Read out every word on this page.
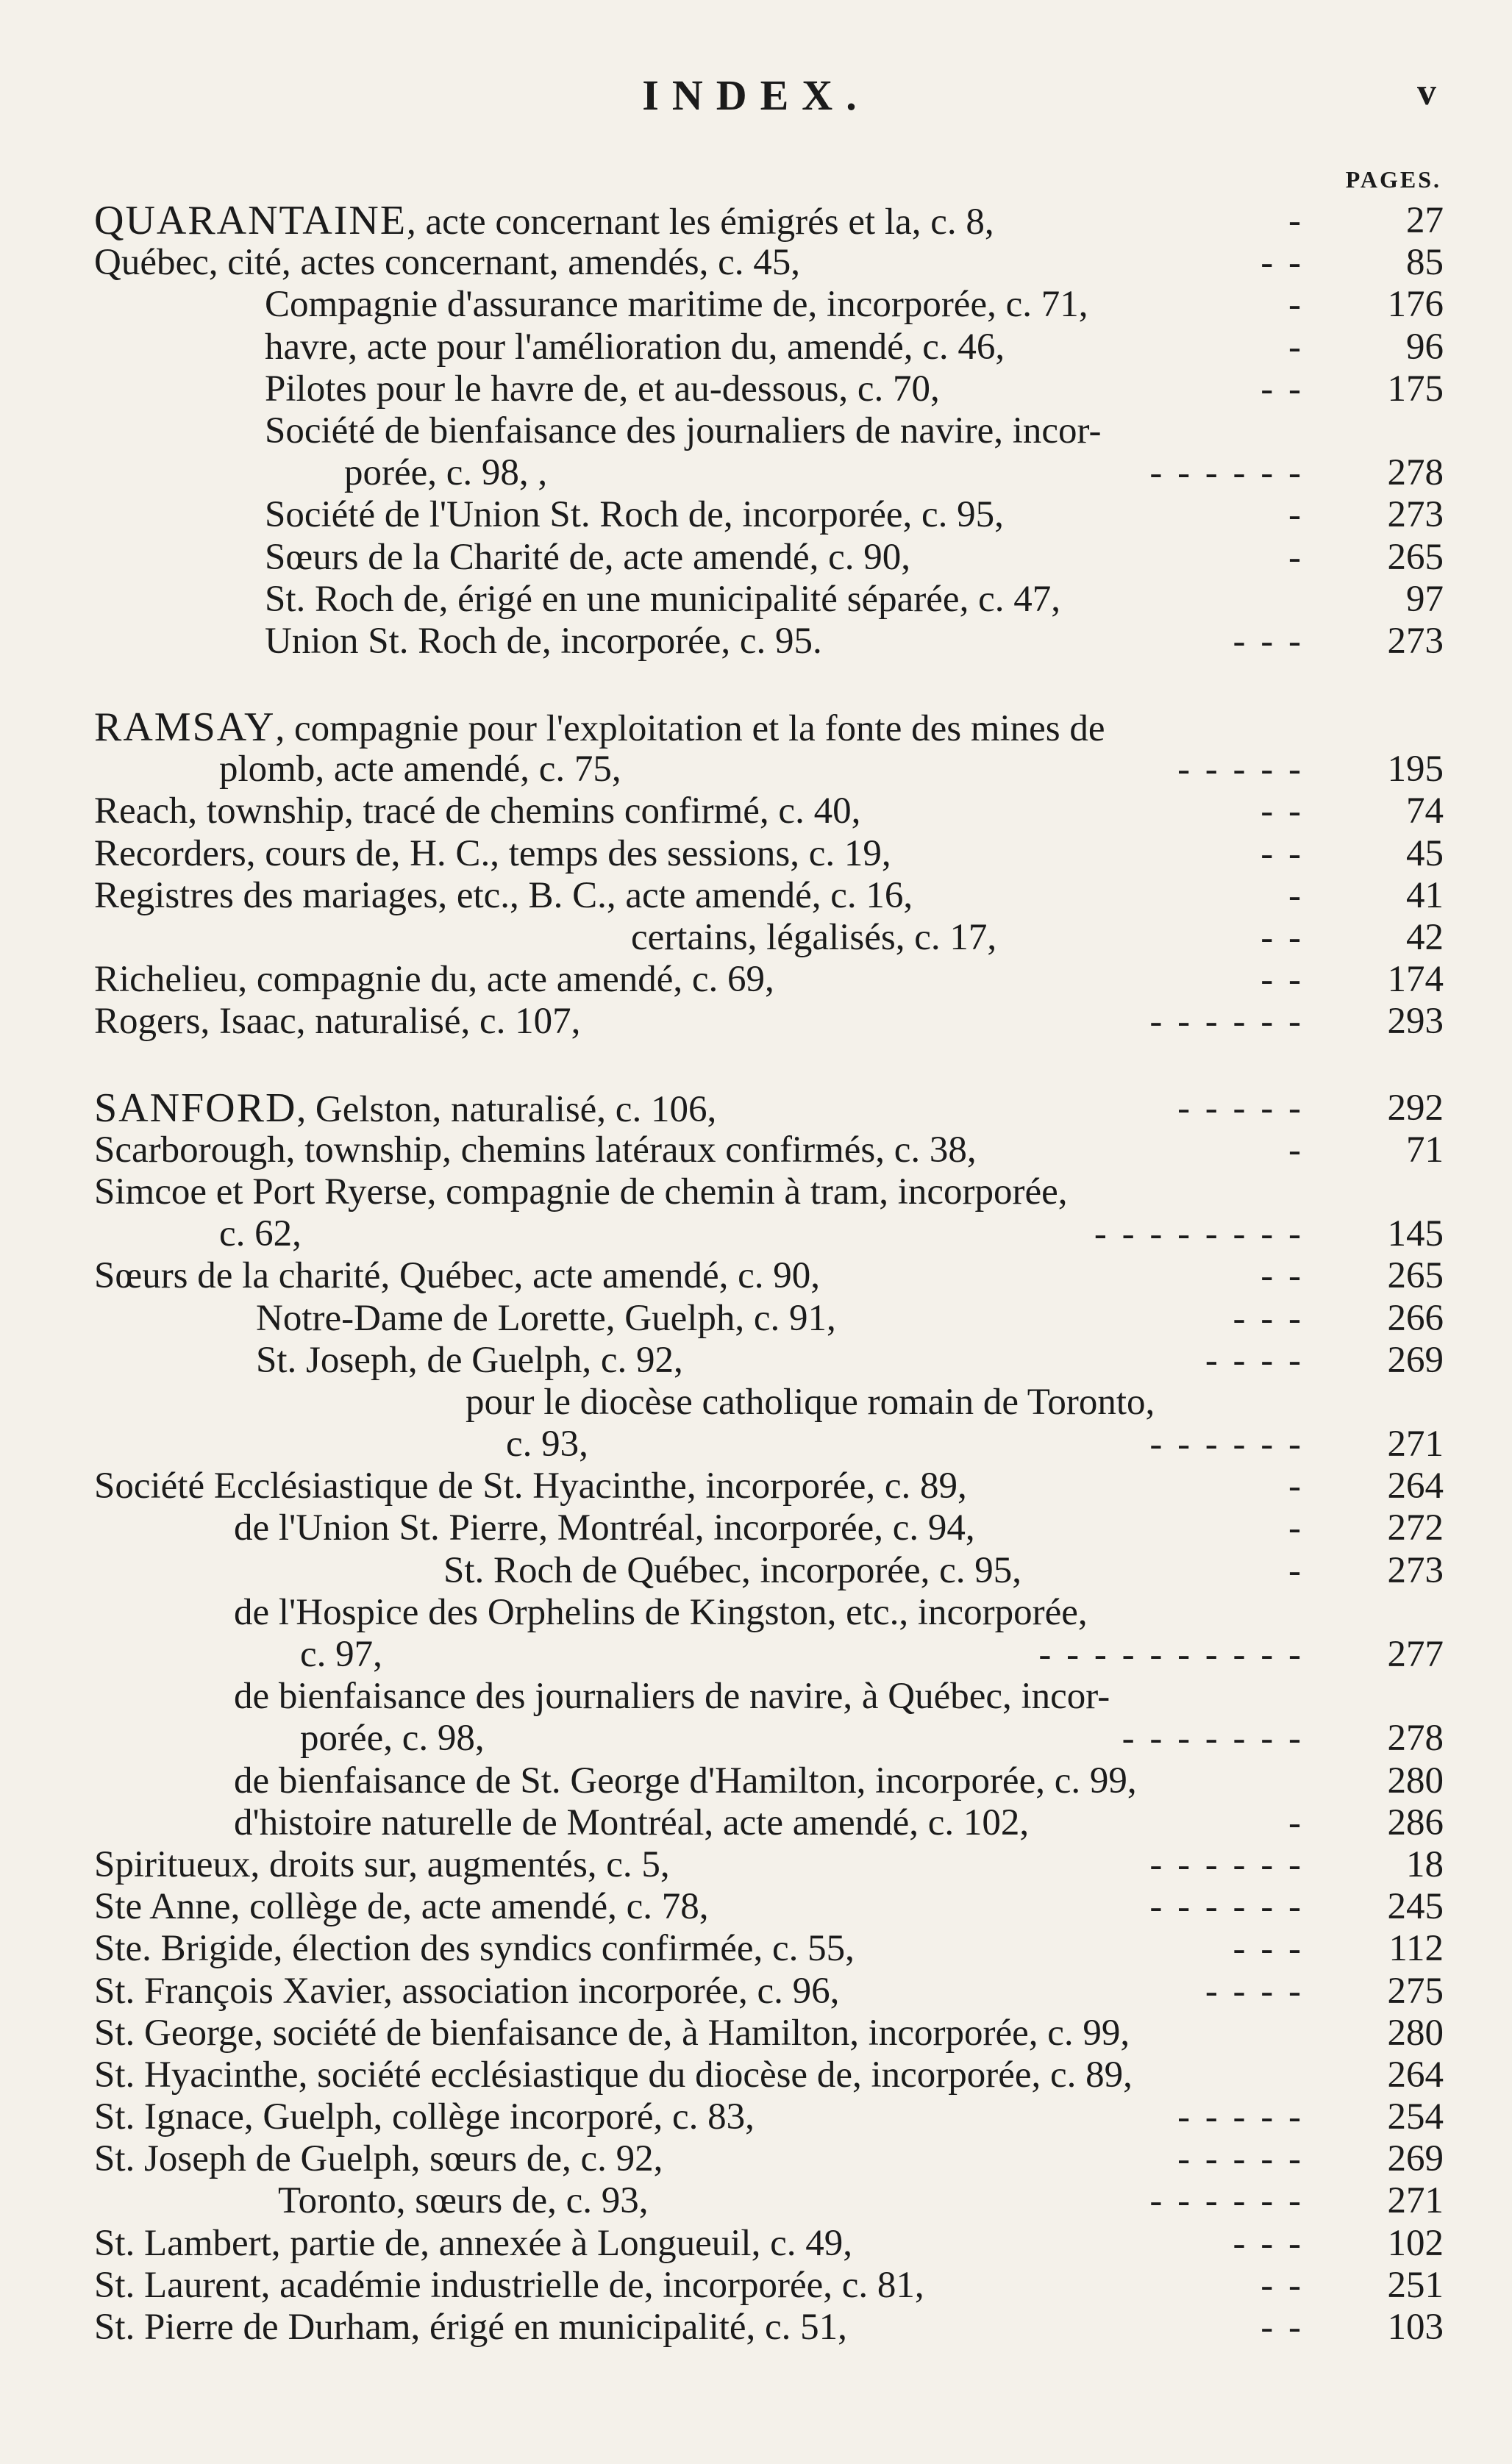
INDEX.	v
PAGES.
QUARANTAINE, acte concernant les émigrés et la, c. 8,	-	27
Québec, cité, actes concernant, amendés, c. 45,	- -	85
Compagnie d'assurance maritime de, incorporée, c. 71,	-	176
havre, acte pour l'amélioration du, amendé, c. 46,	-	96
Pilotes pour le havre de, et au-dessous, c. 70,	- -	175
Société de bienfaisance des journaliers de navire, incor-
porée, c. 98, ,	- - - - - -	278
Société de l'Union St. Roch de, incorporée, c. 95,	-	273
Sœurs de la Charité de, acte amendé, c. 90,	-	265
St. Roch de, érigé en une municipalité séparée, c. 47,	97
Union St. Roch de, incorporée, c. 95.	- - -	273
RAMSAY, compagnie pour l'exploitation et la fonte des mines de
plomb, acte amendé, c. 75,	- - - - -	195
Reach, township, tracé de chemins confirmé, c. 40,	- -	74
Recorders, cours de, H. C., temps des sessions, c. 19,	- -	45
Registres des mariages, etc., B. C., acte amendé, c. 16,	-	41
certains, légalisés, c. 17,	- -	42
Richelieu, compagnie du, acte amendé, c. 69,	- -	174
Rogers, Isaac, naturalisé, c. 107,	- - - - - -	293
SANFORD, Gelston, naturalisé, c. 106,	- - - - -	292
Scarborough, township, chemins latéraux confirmés, c. 38,	-	71
Simcoe et Port Ryerse, compagnie de chemin à tram, incorporée,
c. 62,	- - - - - - - -	145
Sœurs de la charité, Québec, acte amendé, c. 90,	- -	265
Notre-Dame de Lorette, Guelph, c. 91,	- - -	266
St. Joseph, de Guelph, c. 92,	- - - -	269
pour le diocèse catholique romain de Toronto,
c. 93,	- - - - - -	271
Société Ecclésiastique de St. Hyacinthe, incorporée, c. 89,	-	264
de l'Union St. Pierre, Montréal, incorporée, c. 94,	-	272
St. Roch de Québec, incorporée, c. 95,	-	273
de l'Hospice des Orphelins de Kingston, etc., incorporée,
c. 97,	- - - - - - - - - -	277
de bienfaisance des journaliers de navire, à Québec, incor-
porée, c. 98,	- - - - - - -	278
de bienfaisance de St. George d'Hamilton, incorporée, c. 99,	280
d'histoire naturelle de Montréal, acte amendé, c. 102,	-	286
Spiritueux, droits sur, augmentés, c. 5,	- - - - - -	18
Ste Anne, collège de, acte amendé, c. 78,	- - - - - -	245
Ste. Brigide, élection des syndics confirmée, c. 55,	- - -	112
St. François Xavier, association incorporée, c. 96,	- - - -	275
St. George, société de bienfaisance de, à Hamilton, incorporée, c. 99,	280
St. Hyacinthe, société ecclésiastique du diocèse de, incorporée, c. 89,	264
St. Ignace, Guelph, collège incorporé, c. 83,	- - - - -	254
St. Joseph de Guelph, sœurs de, c. 92,	- - - - -	269
Toronto, sœurs de, c. 93,	- - - - - -	271
St. Lambert, partie de, annexée à Longueuil, c. 49,	- - -	102
St. Laurent, académie industrielle de, incorporée, c. 81,	- -	251
St. Pierre de Durham, érigé en municipalité, c. 51,	- -	103
